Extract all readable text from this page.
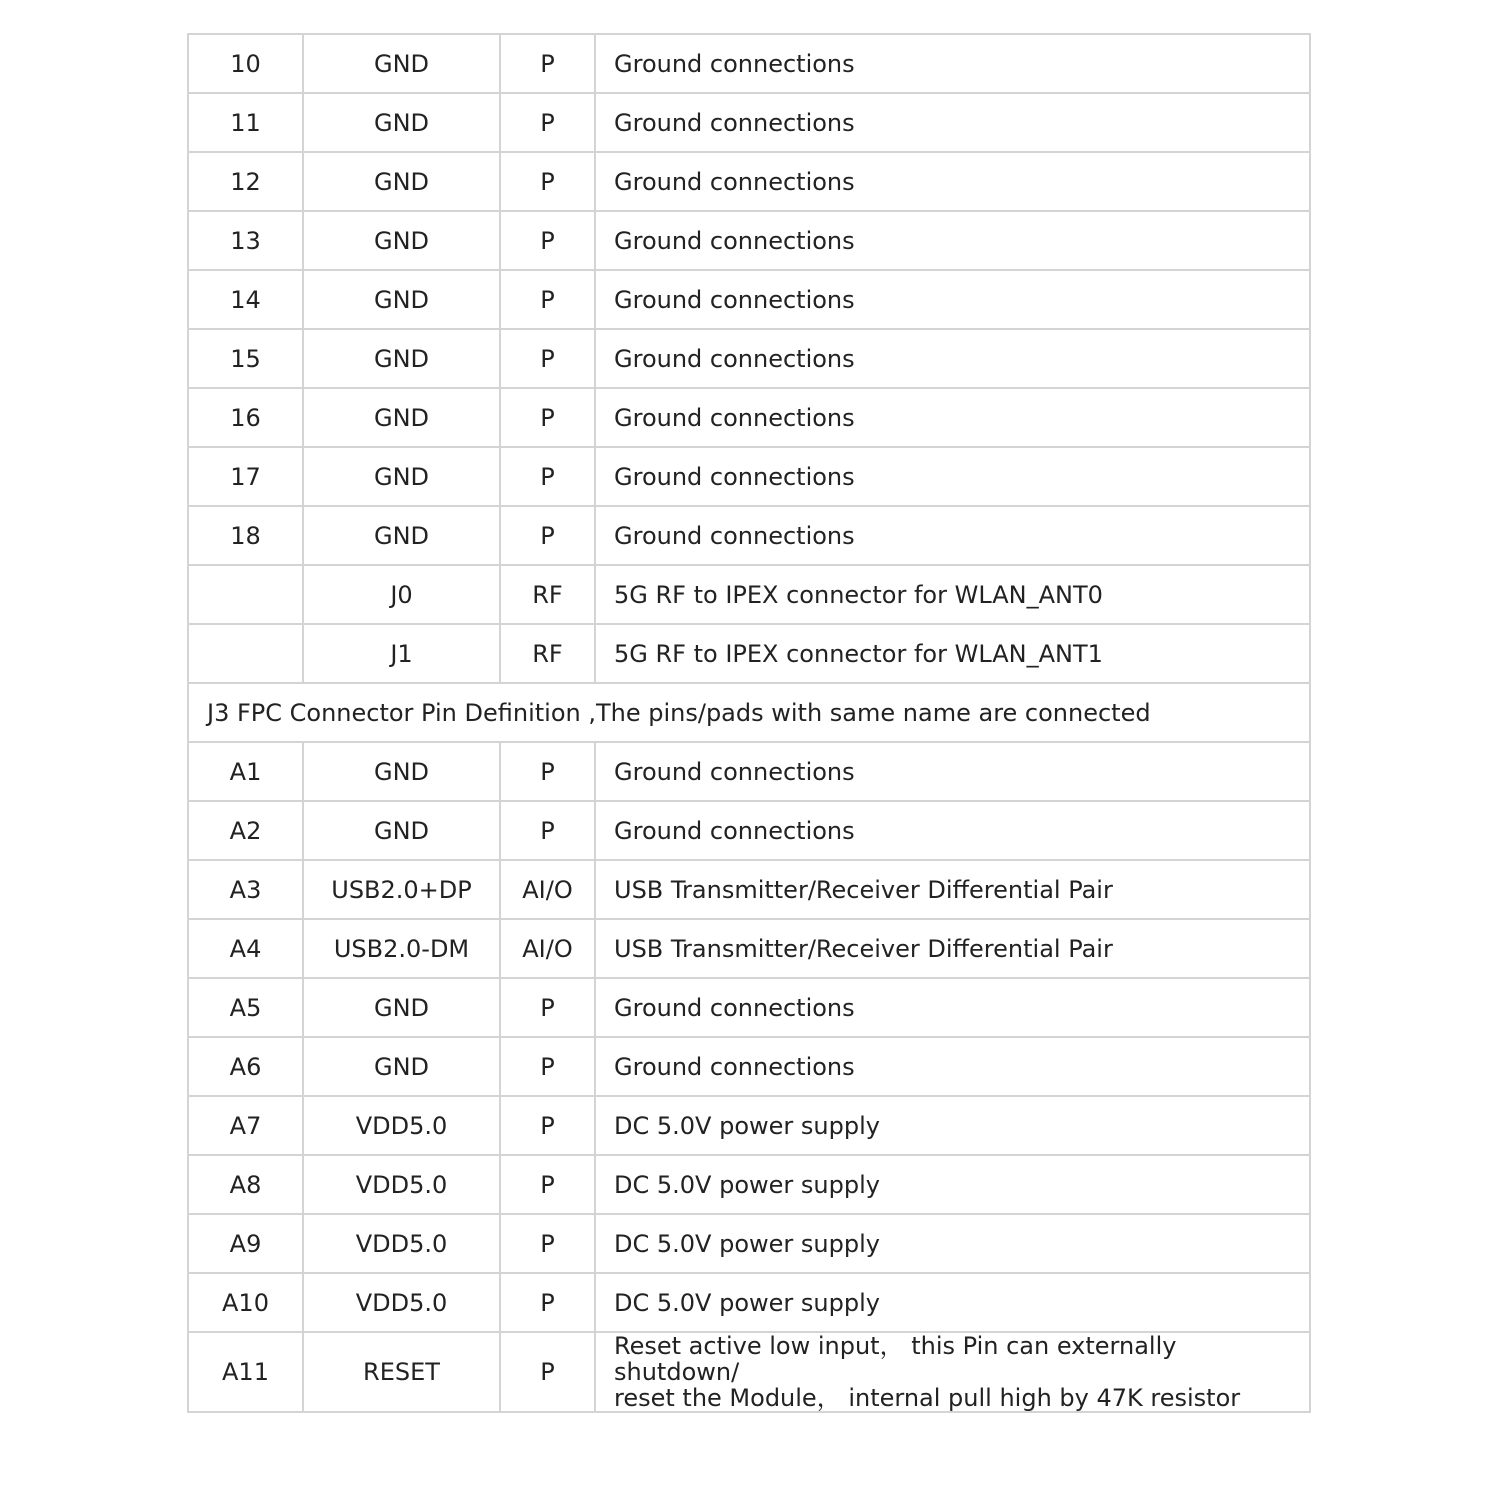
10	GND	P	Ground connections
11	GND	P	Ground connections
12	GND	P	Ground connections
13	GND	P	Ground connections
14	GND	P	Ground connections
15	GND	P	Ground connections
16	GND	P	Ground connections
17	GND	P	Ground connections
18	GND	P	Ground connections
	J0	RF	5G RF to IPEX connector for WLAN_ANT0
	J1	RF	5G RF to IPEX connector for WLAN_ANT1
J3 FPC Connector Pin Definition ,The pins/pads with same name are connected			
A1	GND	P	Ground connections
A2	GND	P	Ground connections
A3	USB2.0+DP	AI/O	USB Transmitter/Receiver Differential Pair
A4	USB2.0-DM	AI/O	USB Transmitter/Receiver Differential Pair
A5	GND	P	Ground connections
A6	GND	P	Ground connections
A7	VDD5.0	P	DC 5.0V power supply
A8	VDD5.0	P	DC 5.0V power supply
A9	VDD5.0	P	DC 5.0V power supply
A10	VDD5.0	P	DC 5.0V power supply
A11	RESET	P	Reset active low input， this Pin can externally shutdown/
reset the Module， internal pull high by 47K resistor
